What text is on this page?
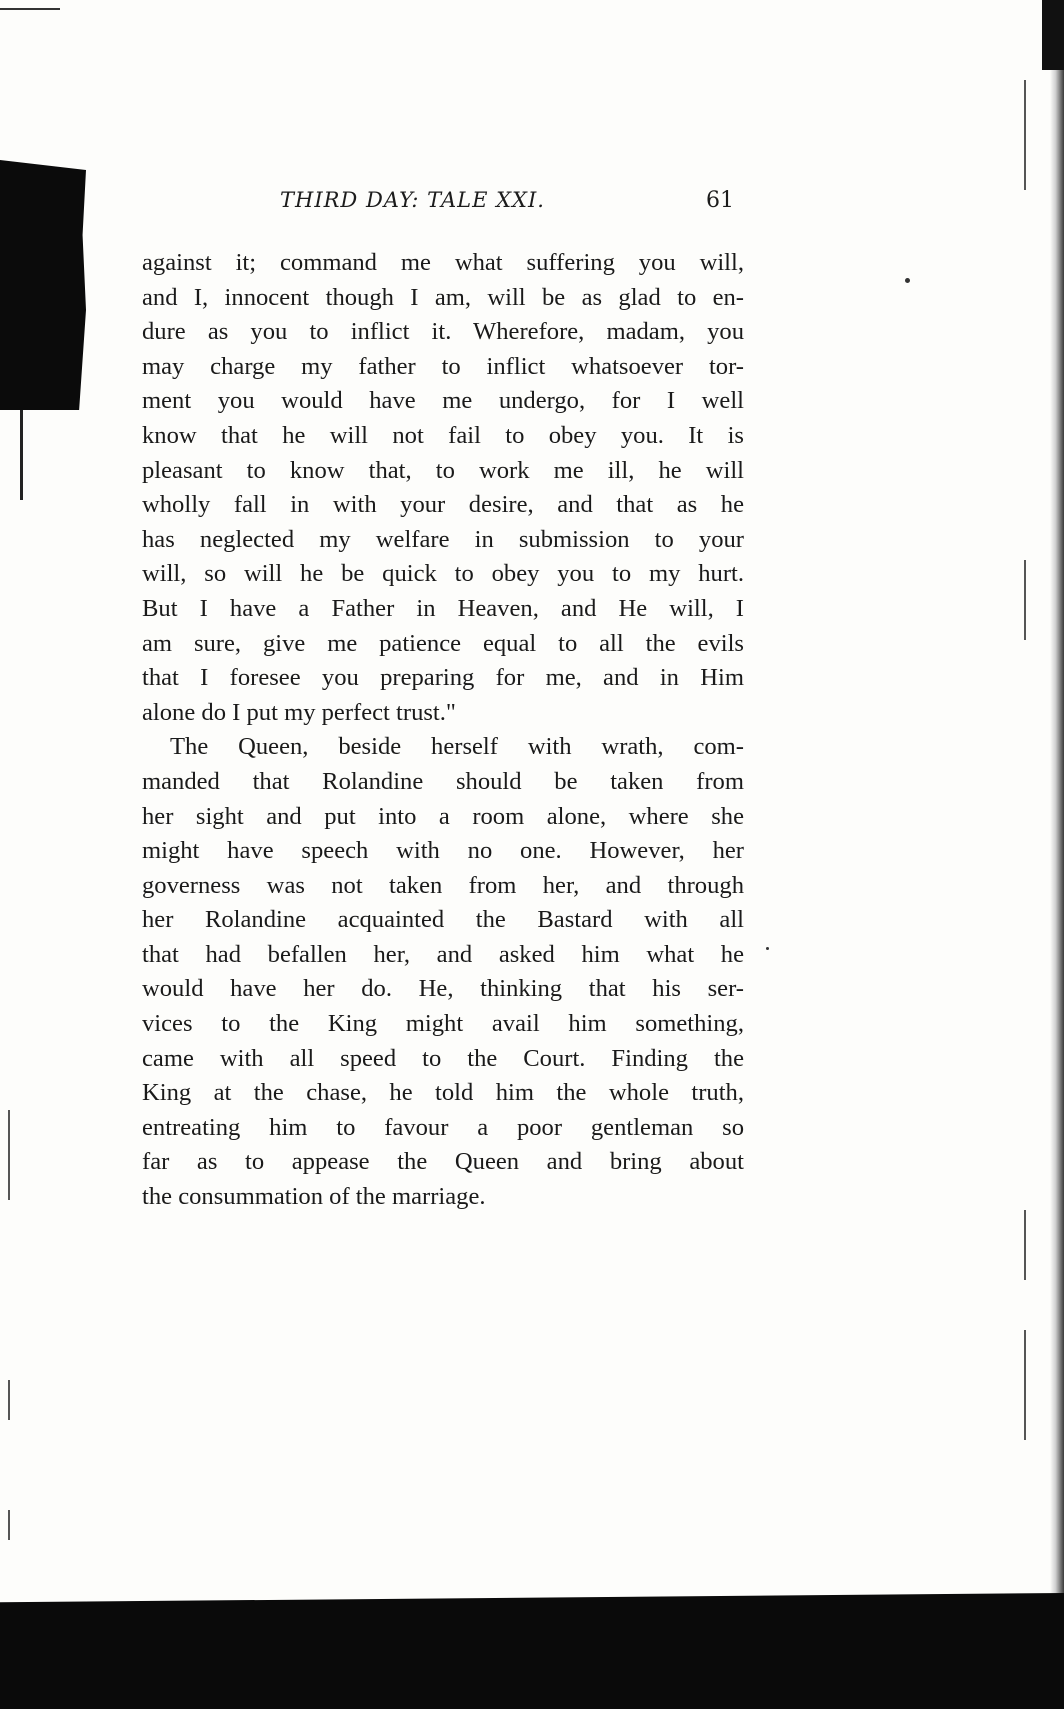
THIRD DAY: TALE XXI.	61

against it; command me what suffering you will,
and I, innocent though I am, will be as glad to en-
dure as you to inflict it. Wherefore, madam, you
may charge my father to inflict whatsoever tor-
ment you would have me undergo, for I well
know that he will not fail to obey you. It is
pleasant to know that, to work me ill, he will
wholly fall in with your desire, and that as he
has neglected my welfare in submission to your
will, so will he be quick to obey you to my hurt.
But I have a Father in Heaven, and He will, I
am sure, give me patience equal to all the evils
that I foresee you preparing for me, and in Him
alone do I put my perfect trust."

The Queen, beside herself with wrath, com-
manded that Rolandine should be taken from
her sight and put into a room alone, where she
might have speech with no one. However, her
governess was not taken from her, and through
her Rolandine acquainted the Bastard with all
that had befallen her, and asked him what he
would have her do. He, thinking that his ser-
vices to the King might avail him something,
came with all speed to the Court. Finding the
King at the chase, he told him the whole truth,
entreating him to favour a poor gentleman so
far as to appease the Queen and bring about
the consummation of the marriage.
